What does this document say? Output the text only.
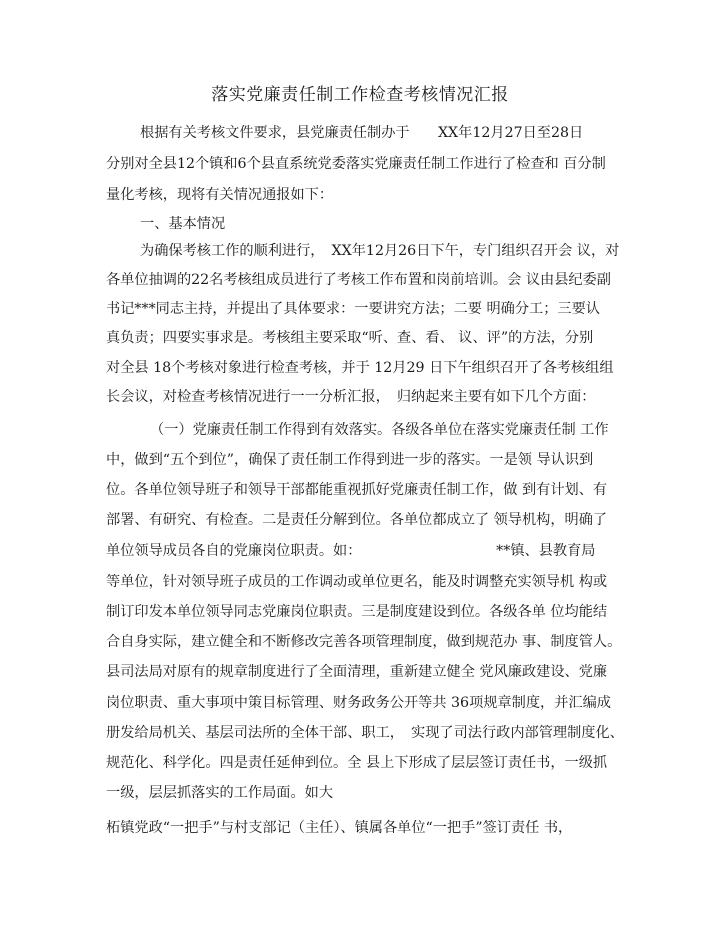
落实党廉责任制工作检查考核情况汇报
根据有关考核文件要求，县党廉责任制办于　　XX年12月27日至28日
分别对全县12个镇和6个县直系统党委落实党廉责任制工作进行了检查和 百分制
量化考核，现将有关情况通报如下：
一、基本情况
为确保考核工作的顺利进行，　XX年12月26日下午，专门组织召开会 议，对
各单位抽调的22名考核组成员进行了考核工作布置和岗前培训。会 议由县纪委副
书记***同志主持，并提出了具体要求：一要讲究方法；二要 明确分工；三要认
真负责；四要实事求是。考核组主要采取“听、查、看、 议、评”的方法，分别
对全县 18个考核对象进行检查考核，并于 12月29 日下午组织召开了各考核组组
长会议，对检查考核情况进行一一分析汇报，　归纳起来主要有如下几个方面：
（一）党廉责任制工作得到有效落实。各级各单位在落实党廉责任制 工作
中，做到“五个到位”，确保了责任制工作得到进一步的落实。一是领 导认识到
位。各单位领导班子和领导干部都能重视抓好党廉责任制工作，做 到有计划、有
部署、有研究、有检查。二是责任分解到位。各单位都成立了 领导机构，明确了
单位领导成员各自的党廉岗位职责。如：　　　　　　　　　　**镇、县教育局
等单位，针对领导班子成员的工作调动或单位更名，能及时调整充实领导机 构或
制订印发本单位领导同志党廉岗位职责。三是制度建设到位。各级各单 位均能结
合自身实际，建立健全和不断修改完善各项管理制度，做到规范办 事、制度管人。
县司法局对原有的规章制度进行了全面清理，重新建立健全 党风廉政建设、党廉
岗位职责、重大事项中策目标管理、财务政务公开等共 36项规章制度，并汇编成
册发给局机关、基层司法所的全体干部、职工，　实现了司法行政内部管理制度化、
规范化、科学化。四是责任延伸到位。全 县上下形成了层层签订责任书，一级抓
一级，层层抓落实的工作局面。如大
柘镇党政“一把手”与村支部记（主任）、镇属各单位“一把手”签订责任 书，
